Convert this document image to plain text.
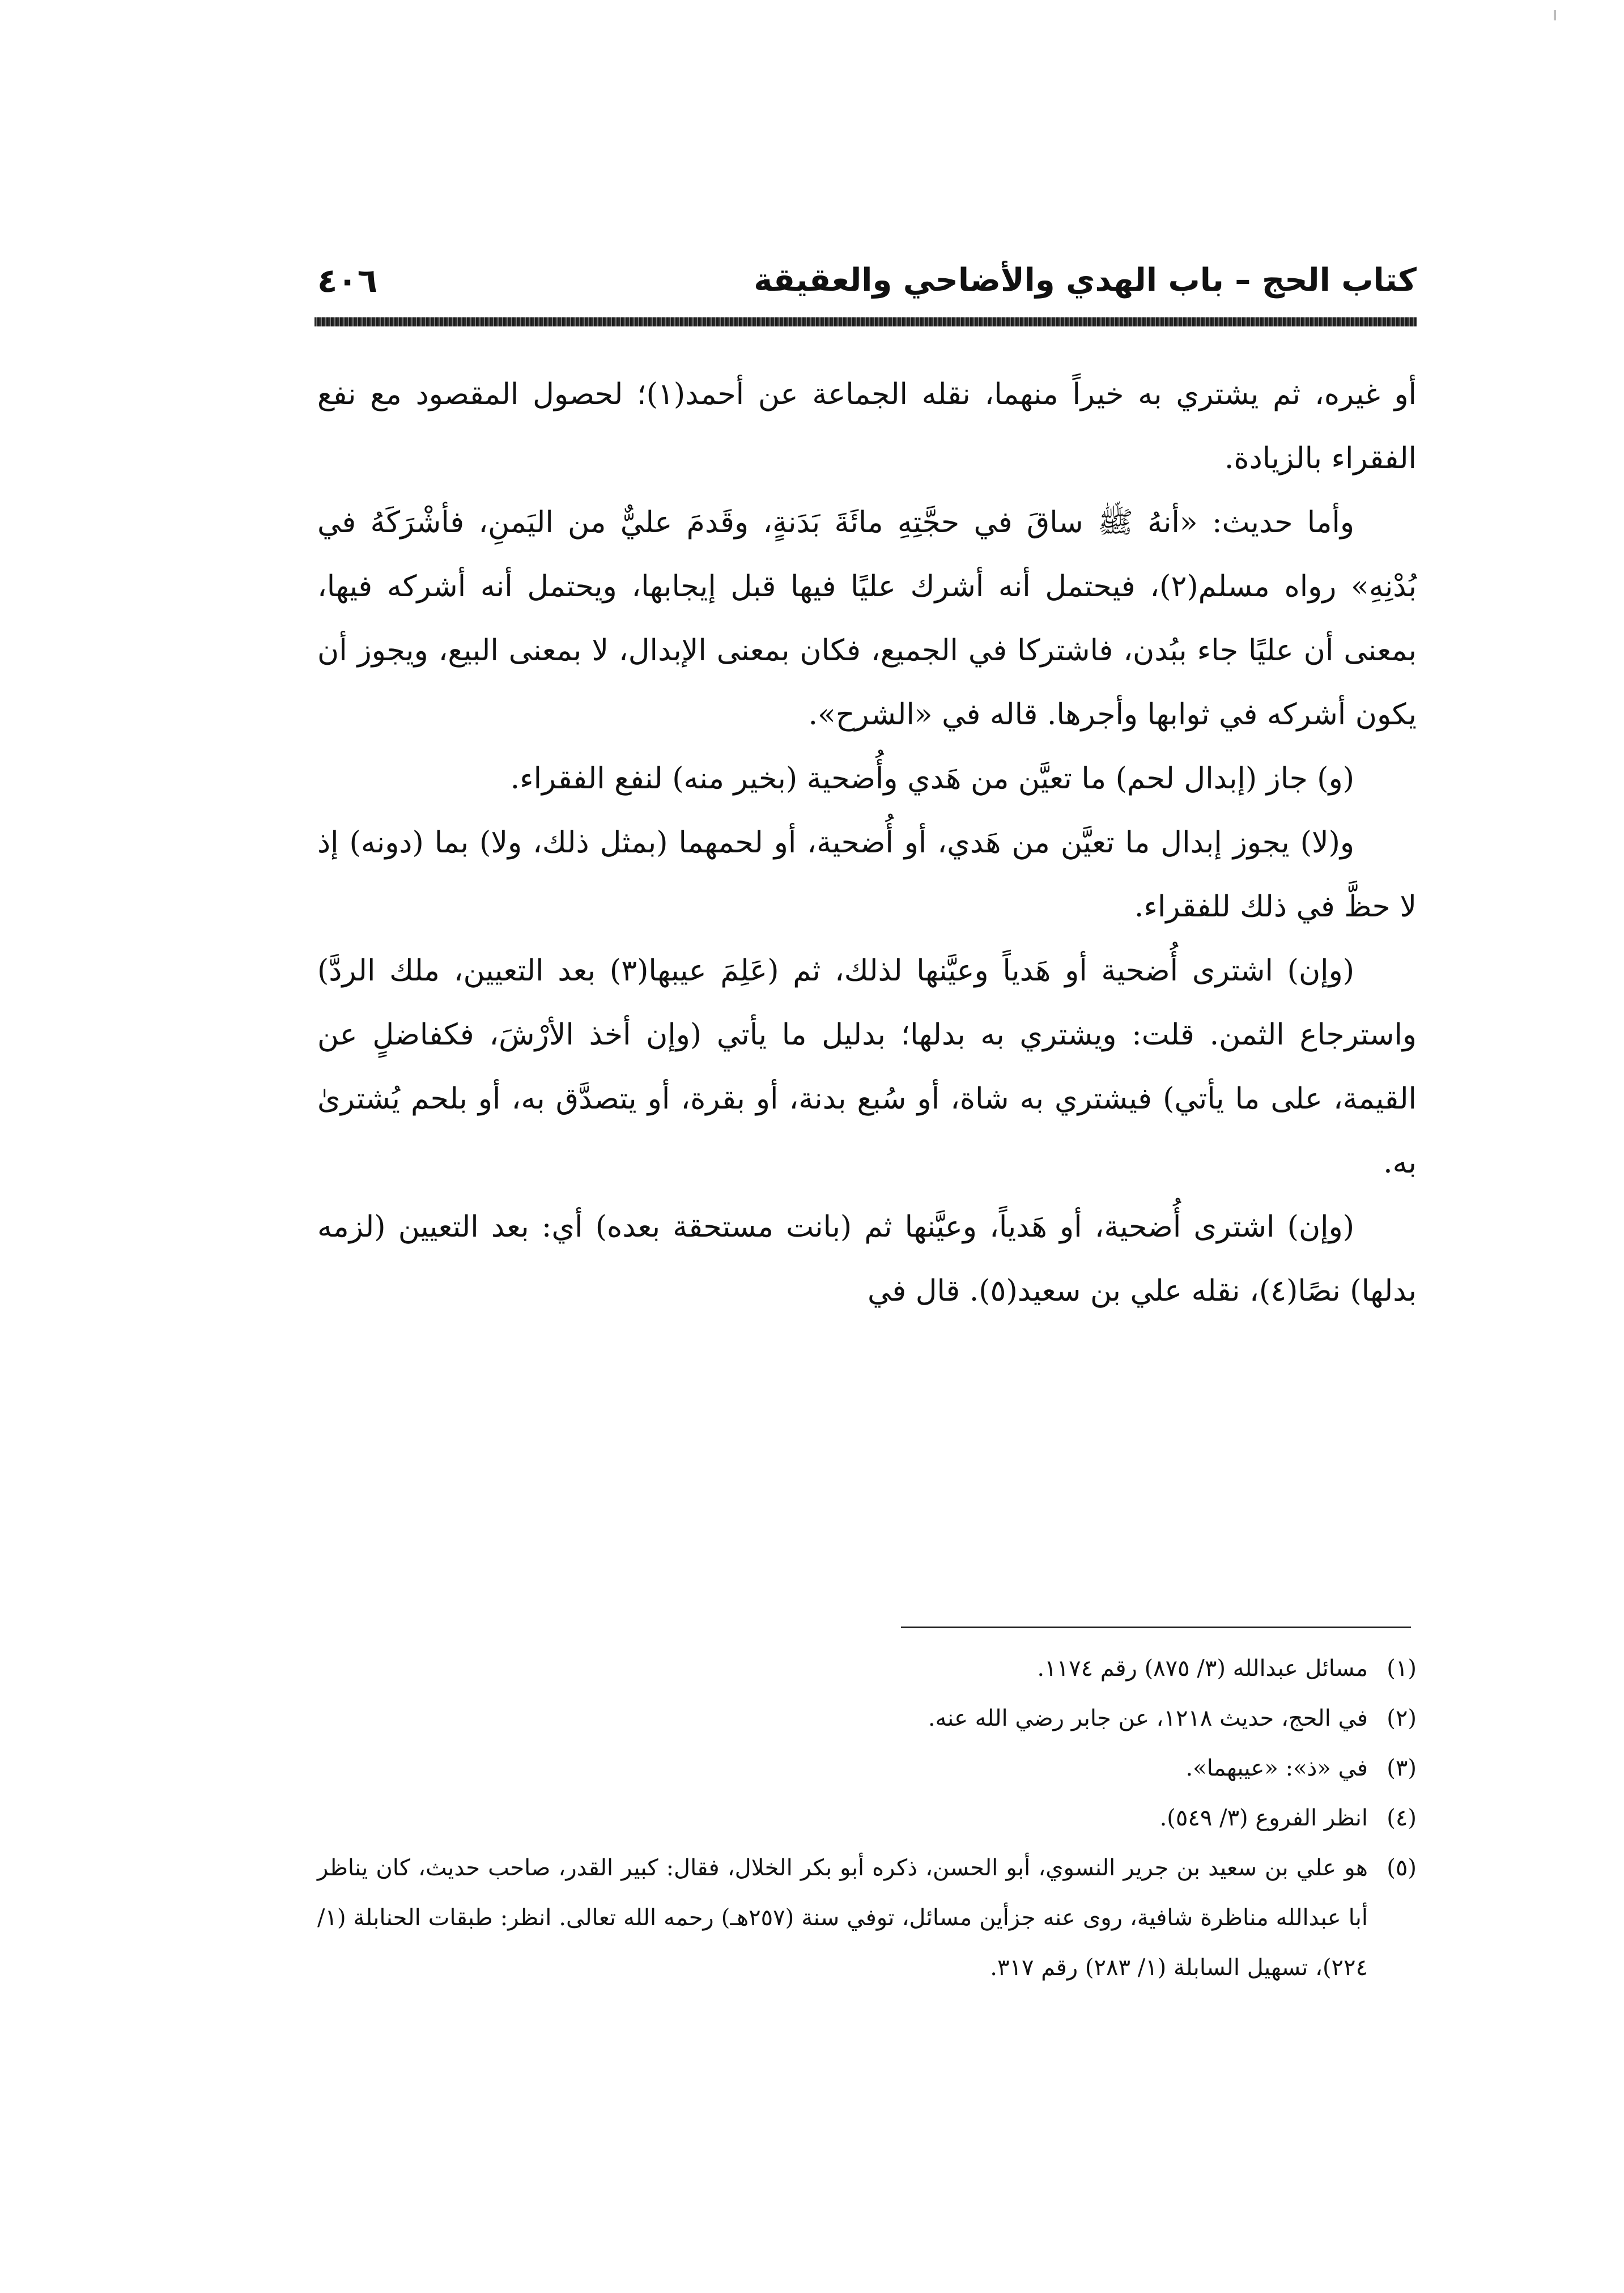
كتاب الحج – باب الهدي والأضاحي والعقيقة
٤٠٦

أو غيره، ثم يشتري به خيراً منهما، نقله الجماعة عن أحمد(١)؛ لحصول المقصود مع نفع الفقراء بالزيادة.

وأما حديث: «أنهُ ﷺ ساقَ في حجَّتِهِ مائَةَ بَدَنةٍ، وقَدمَ عليٌّ من اليَمنِ، فأشْرَكَهُ في بُدْنِهِ» رواه مسلم(٢)، فيحتمل أنه أشرك عليًا فيها قبل إيجابها، ويحتمل أنه أشركه فيها، بمعنى أن عليًا جاء ببُدن، فاشتركا في الجميع، فكان بمعنى الإبدال، لا بمعنى البيع، ويجوز أن يكون أشركه في ثوابها وأجرها. قاله في «الشرح».

(و) جاز (إبدال لحم) ما تعيَّن من هَدي وأُضحية (بخير منه) لنفع الفقراء.

و(لا) يجوز إبدال ما تعيَّن من هَدي، أو أُضحية، أو لحمهما (بمثل ذلك، ولا) بما (دونه) إذ لا حظَّ في ذلك للفقراء.

(وإن) اشترى أُضحية أو هَدياً وعيَّنها لذلك، ثم (عَلِمَ عيبها(٣) بعد التعيين، ملك الردَّ) واسترجاع الثمن. قلت: ويشتري به بدلها؛ بدليل ما يأتي (وإن أخذ الأرْشَ، فكفاضلٍ عن القيمة، على ما يأتي) فيشتري به شاة، أو سُبع بدنة، أو بقرة، أو يتصدَّق به، أو بلحم يُشترىٰ به.

(وإن) اشترى أُضحية، أو هَدياً، وعيَّنها ثم (بانت مستحقة بعده) أي: بعد التعيين (لزمه بدلها) نصًا(٤)، نقله علي بن سعيد(٥). قال في

(١)
مسائل عبدالله (٣/ ٨٧٥) رقم ١١٧٤.
(٢)
في الحج، حديث ١٢١٨، عن جابر رضي الله عنه.
(٣)
في «ذ»: «عيبهما».
(٤)
انظر الفروع (٣/ ٥٤٩).
(٥)
هو علي بن سعيد بن جرير النسوي، أبو الحسن، ذكره أبو بكر الخلال، فقال: كبير القدر، صاحب حديث، كان يناظر أبا عبدالله مناظرة شافية، روى عنه جزأين مسائل، توفي سنة (٢٥٧هـ) رحمه الله تعالى. انظر: طبقات الحنابلة (١/ ٢٢٤)، تسهيل السابلة (١/ ٢٨٣) رقم ٣١٧.
